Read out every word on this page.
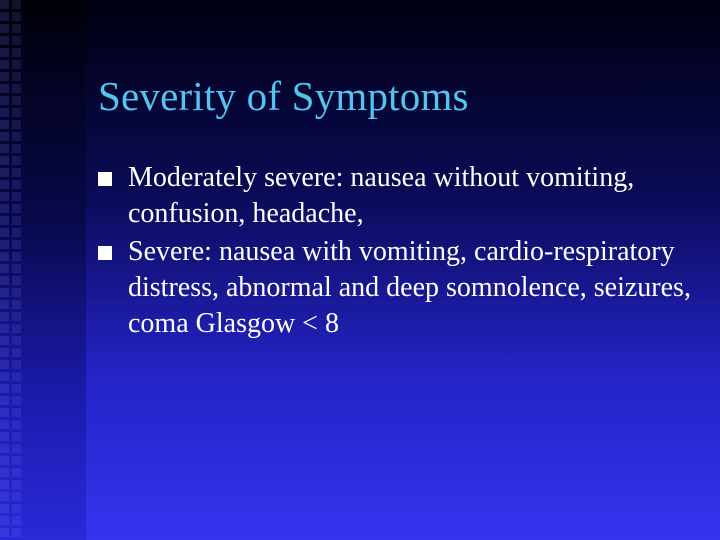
Severity of Symptoms
Moderately severe: nausea without vomiting, confusion, headache,
Severe: nausea with vomiting, cardio-respiratory distress, abnormal and deep somnolence, seizures, coma Glasgow < 8
